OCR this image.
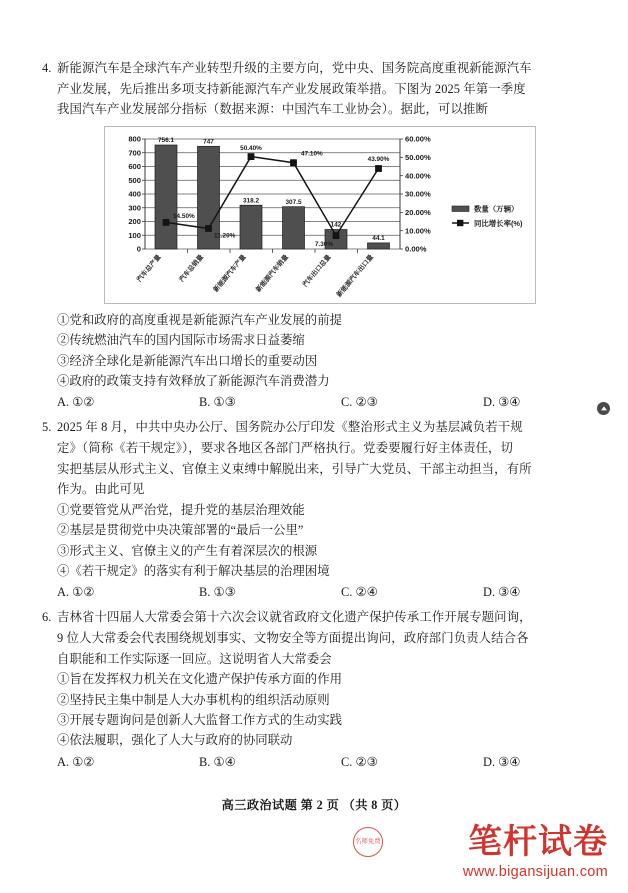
4. 新能源汽车是全球汽车产业转型升级的主要方向，党中央、国务院高度重视新能源汽车
产业发展，先后推出多项支持新能源汽车产业发展政策举措。下图为 2025 年第一季度
我国汽车产业发展部分指标（数据来源：中国汽车工业协会）。据此，可以推断
800
700
600
500
400
300
200
100
0
60.00%
50.00%
40.00%
30.00%
20.00%
10.00%
0.00%
756.1	747
318.2	307.5
142
44.1
14.50%
11.20%
50.40%
47.10%
7.30%
43.90%
汽车总产量 汽车总销量 新能源汽车产量 新能源汽车销量 汽车出口总量 新能源汽车出口量
数量（万辆）
同比增长率(%)
①党和政府的高度重视是新能源汽车产业发展的前提
②传统燃油汽车的国内国际市场需求日益萎缩
③经济全球化是新能源汽车出口增长的重要动因
④政府的政策支持有效释放了新能源汽车消费潜力
A. ①②	B. ①③	C. ②③	D. ③④
5. 2025 年 8 月，中共中央办公厅、国务院办公厅印发《整治形式主义为基层减负若干规
定》（简称《若干规定》），要求各地区各部门严格执行。党委要履行好主体责任，切
实把基层从形式主义、官僚主义束缚中解脱出来，引导广大党员、干部主动担当，有所
作为。由此可见
①党要管党从严治党，提升党的基层治理效能
②基层是贯彻党中央决策部署的“最后一公里”
③形式主义、官僚主义的产生有着深层次的根源
④《若干规定》的落实有利于解决基层的治理困境
A. ①②	B. ①③	C. ②④	D. ③④
6. 吉林省十四届人大常委会第十六次会议就省政府文化遗产保护传承工作开展专题问询，
9 位人大常委会代表围绕规划事实、文物安全等方面提出询问，政府部门负责人结合各
自职能和工作实际逐一回应。这说明省人大常委会
①旨在发挥权力机关在文化遗产保护传承方面的作用
②坚持民主集中制是人大办事机构的组织活动原则
③开展专题询问是创新人大监督工作方式的生动实践
④依法履职，强化了人大与政府的协同联动
A. ①②	B. ①④	C. ②③	D. ③④
高三政治试题 第 2 页 （共 8 页）
名师免费	笔杆试卷
www.bigansijuan.com
